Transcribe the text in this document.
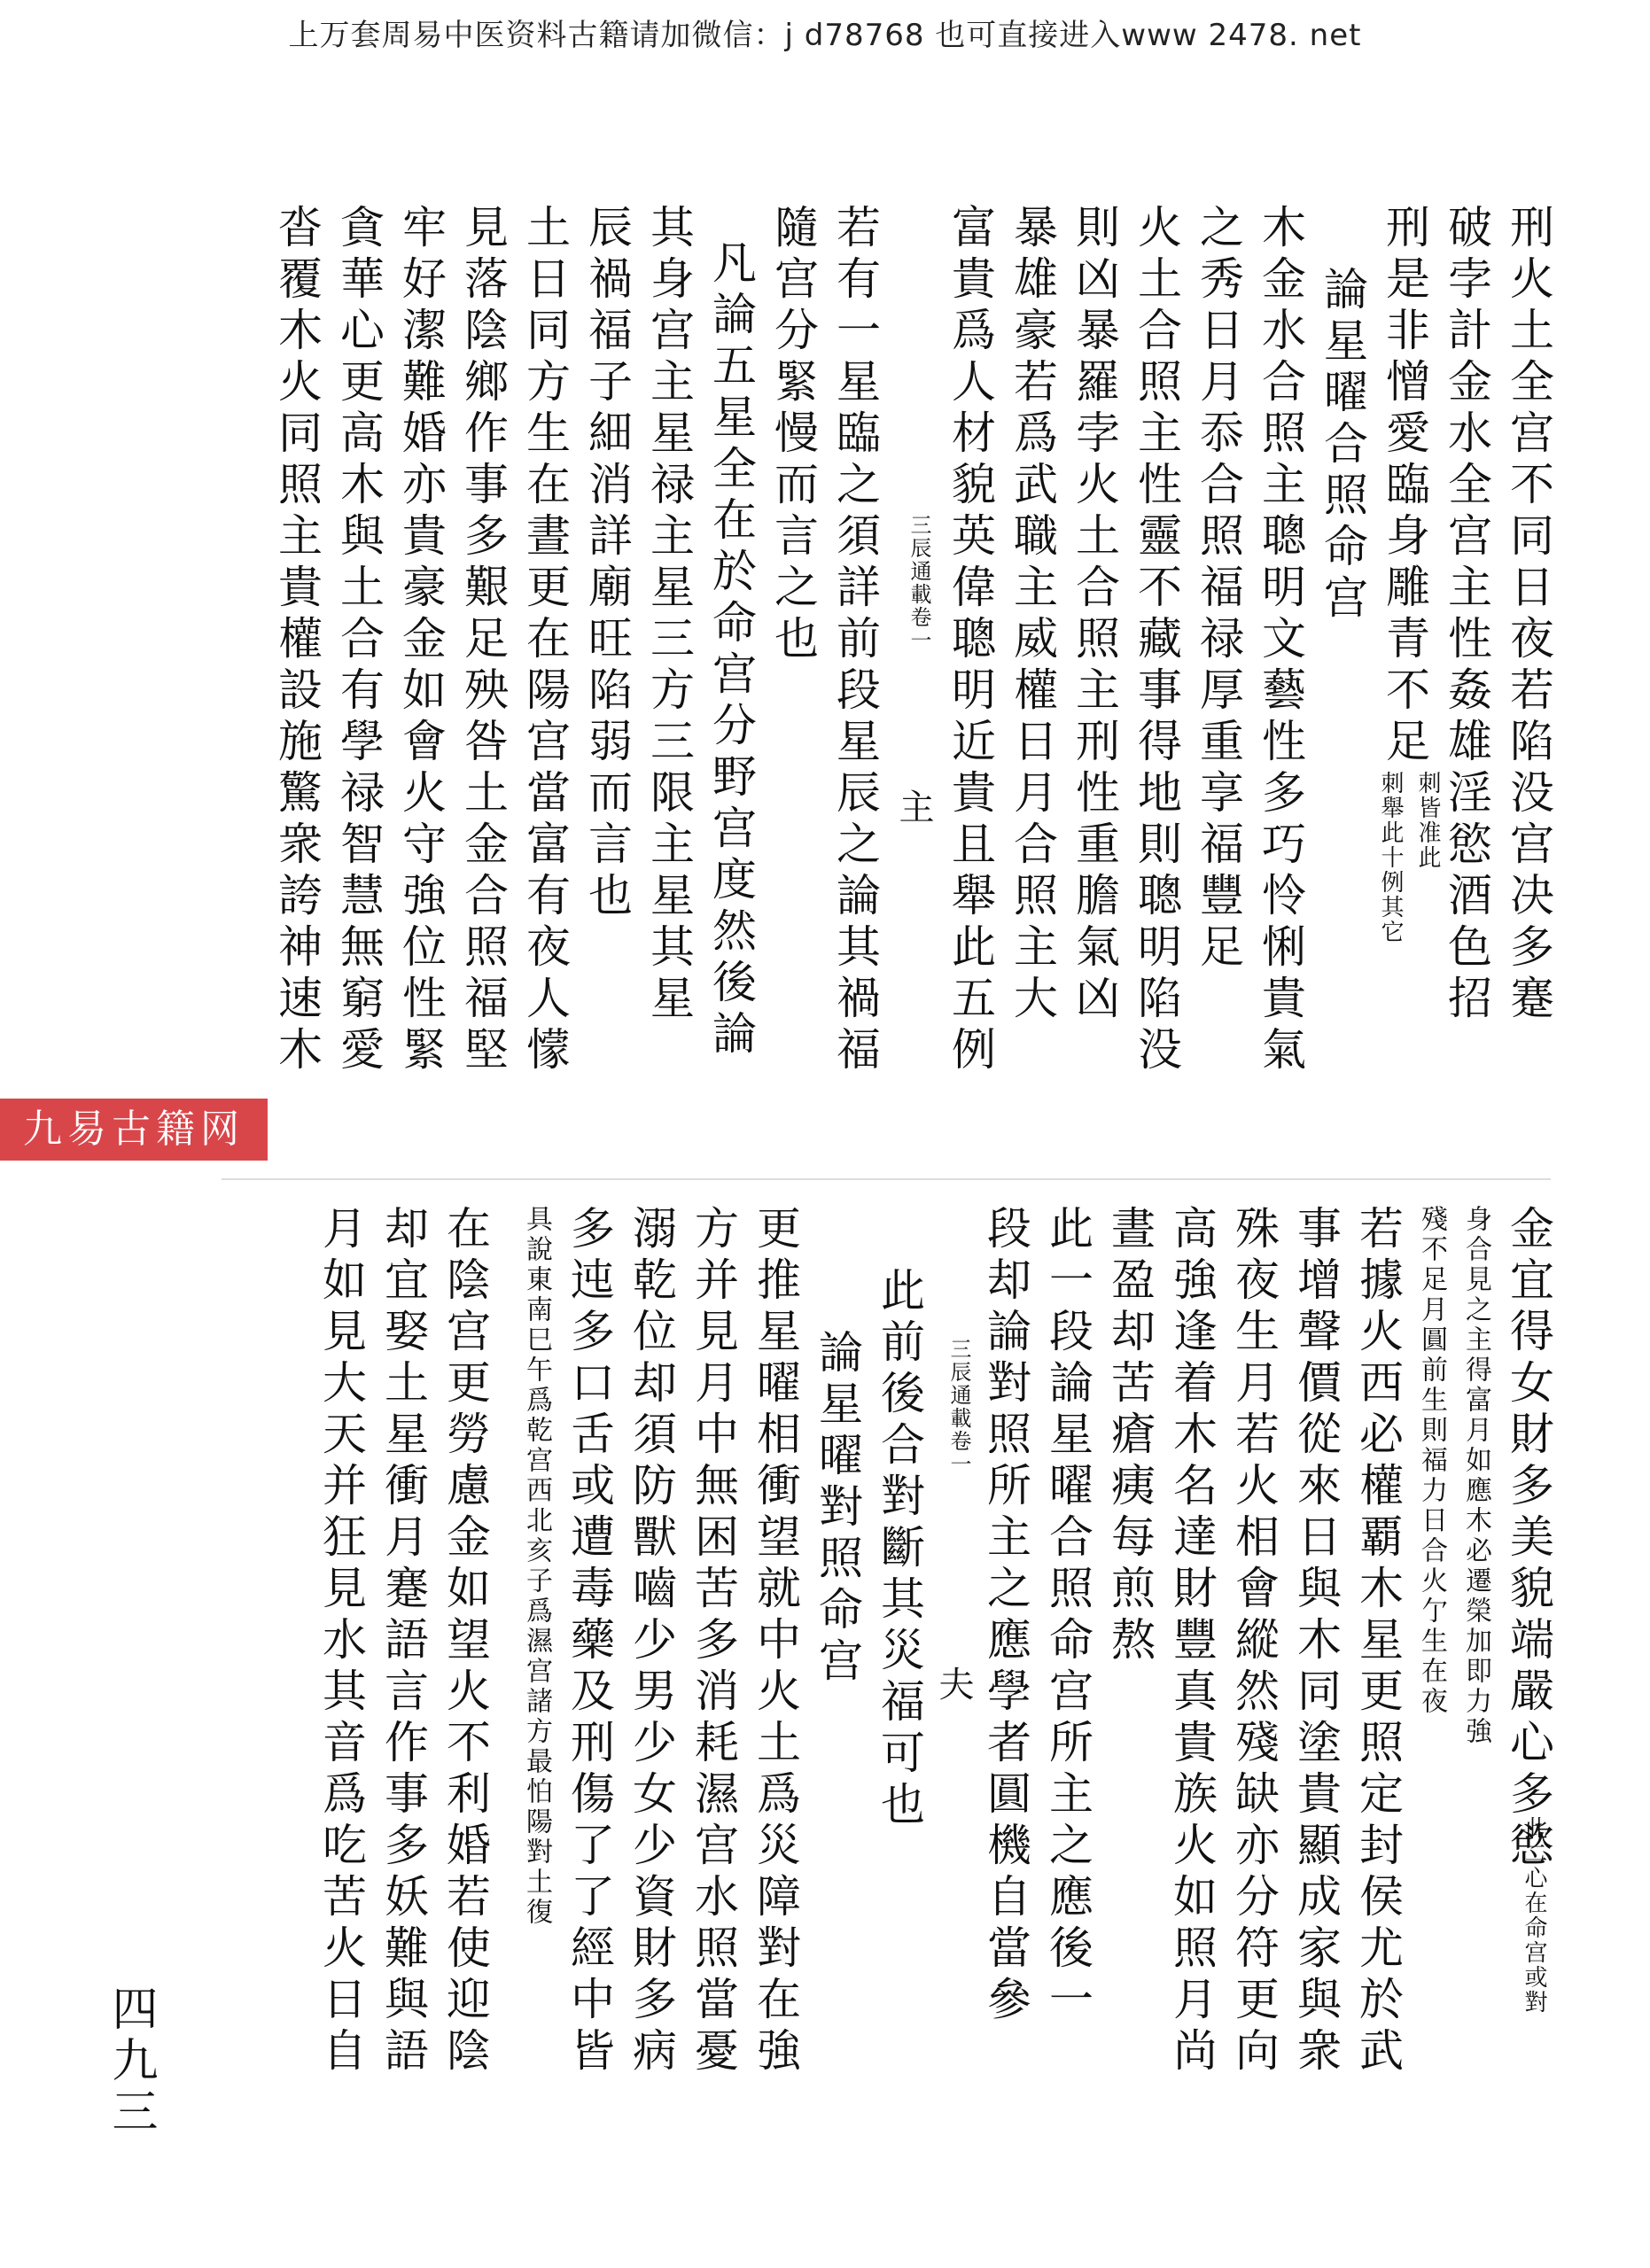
上万套周易中医资料古籍请加微信：j d78768 也可直接进入www 2478. net
九易古籍网
刑火土全宫不同日夜若陷没宫决多蹇
破孛計金水全宫主性姦雄淫慾酒色招
刑是非憎愛臨身雕青不足
論星曜合照命宫
木金水合照主聰明文藝性多巧怜悧貴氣
之秀日月忝合照福禄厚重享福豐足
火土合照主性靈不藏事得地則聰明陷没
則凶暴羅孛火土合照主刑性重膽氣凶
暴雄豪若爲武職主威權日月合照主大
富貴爲人材貌英偉聰明近貴且舉此五例
若有一星臨之須詳前段星辰之論其禍福
隨宫分緊慢而言之也
凡論五星全在於命宫分野宫度然後論
其身宫主星禄主星三方三限主星其星
辰禍福子細消詳廟旺陷弱而言也
土日同方生在晝更在陽宫當富有夜人懞
見落陰鄉作事多艱足殃咎土金合照福堅
牢好潔難婚亦貴豪金如會火守強位性緊
貪華心更高木與土合有學禄智慧無窮愛
沓覆木火同照主貴權設施驚衆誇神速木	三辰通載卷一
主	刺舉此十例其它 刺皆准此
金宜得女財多美貌端嚴心多慾
身合見之主得富月如應木必遷榮加即力強
殘不足月圓前生則福力日合火亇生在夜
若據火西必權覇木星更照定封侯尤於武
事增聲價從來日與木同塗貴顯成家與衆
殊夜生月若火相會縱然殘缺亦分符更向
高強逢着木名達財豐真貴族火如照月尚
晝盈却苦瘡痍每煎熬
此一段論星曜合照命宫所主之應後一
段却論對照所主之應學者圓機自當參
此前後合對斷其災福可也
論星曜對照命宫
更推星曜相衝望就中火土爲災障對在強
方并見月中無困苦多消耗濕宫水照當憂
溺乾位却須防獸嚙少男少女少資財多病
多迍多口舌或遭毒藥及刑傷了了經中皆
具說東南巳午爲乾宫西北亥子爲濕宫諸方最怕陽對土復
在陰宫更勞慮金如望火不利婚若使迎陰
却宜娶土星衝月蹇語言作事多妖難與語
月如見大天并狂見水其音爲吃苦火日自	此二心在命宫或對
三辰通載卷一
夫
四九三
